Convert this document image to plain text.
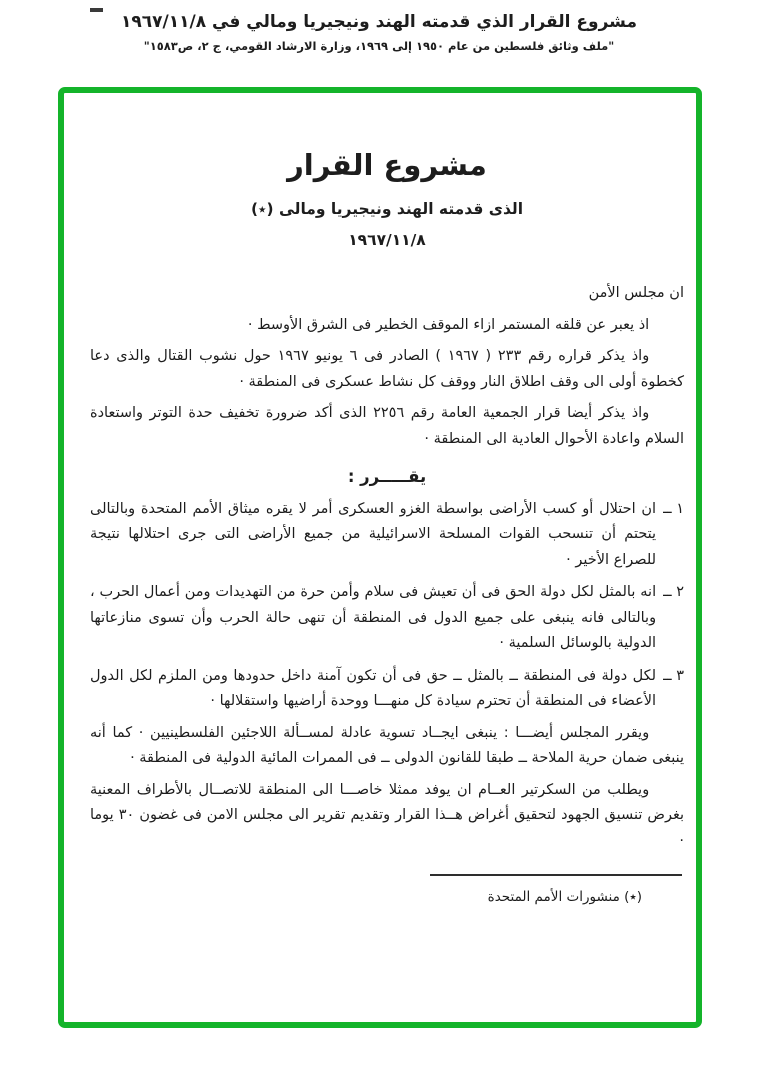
مشروع القرار الذي قدمته الهند ونيجيريا ومالي في ١٩٦٧/١١/٨
"ملف وثائق فلسطين من عام ١٩٥٠ إلى ١٩٦٩، وزارة الارشاد القومي، ج ٢، ص١٥٨٣"
مشروع القرار
الذى قدمته الهند ونيجيريا ومالى (٭)
١٩٦٧/١١/٨

ان مجلس الأمن

اذ يعبر عن قلقه المستمر ازاء الموقف الخطير فى الشرق الأوسط ·

واذ يذكر قراره رقم ٢٣٣ ( ١٩٦٧ ) الصادر فى ٦ يونيو ١٩٦٧ حول نشوب القتال والذى دعا كخطوة أولى الى وقف اطلاق النار ووقف كل نشاط عسكرى فى المنطقة ·

واذ يذكر أيضا قرار الجمعية العامة رقم ٢٢٥٦ الذى أكد ضرورة تخفيف حدة التوتر واستعادة السلام واعادة الأحوال العادية الى المنطقة ·

يقـــــرر :

١ ــ
ان احتلال أو كسب الأراضى بواسطة الغزو العسكرى أمر لا يقره ميثاق الأمم المتحدة وبالتالى يتحتم أن تنسحب القوات المسلحة الاسرائيلية من جميع الأراضى التى جرى احتلالها نتيجة للصراع الأخير ·
٢ ــ
انه بالمثل لكل دولة الحق فى أن تعيش فى سلام وأمن حرة من التهديدات ومن أعمال الحرب ، وبالتالى فانه ينبغى على جميع الدول فى المنطقة أن تنهى حالة الحرب وأن تسوى منازعاتها الدولية بالوسائل السلمية ·
٣ ــ
لكل دولة فى المنطقة ــ بالمثل ــ حق فى أن تكون آمنة داخل حدودها ومن الملزم لكل الدول الأعضاء فى المنطقة أن تحترم سيادة كل منهـــا ووحدة أراضيها واستقلالها ·

ويقرر المجلس أيضـــا : ينبغى ايجــاد تسوية عادلة لمســألة اللاجئين الفلسطينيين · كما أنه ينبغى ضمان حرية الملاحة ــ طبقا للقانون الدولى ــ فى الممرات المائية الدولية فى المنطقة ·

ويطلب من السكرتير العــام ان يوفد ممثلا خاصـــا الى المنطقة للاتصــال بالأطراف المعنية بغرض تنسيق الجهود لتحقيق أغراض هــذا القرار وتقديم تقرير الى مجلس الامن فى غضون ٣٠ يوما ·

(٭) منشورات الأمم المتحدة
